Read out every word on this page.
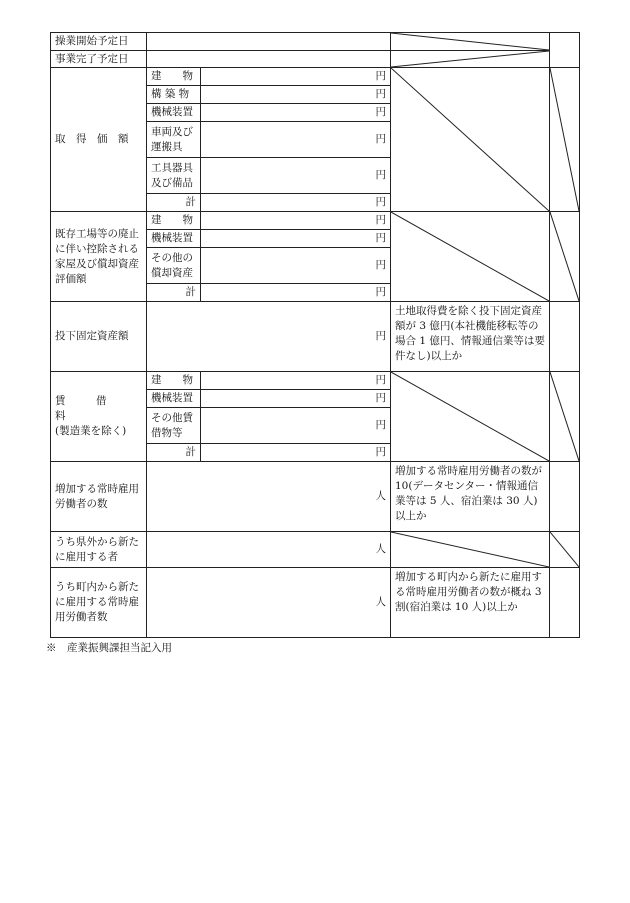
操業開始予定日		

事業完了予定日		

取　得　価　額	建　　物	円	

	構 築 物	円		
	機械装置	円		
	車両及び運搬具	円		
	工具器具及び備品	円		
	計	円		
既存工場等の廃止に伴い控除される家屋及び償却資産評価額	建　　物	円	

	機械装置	円		
	その他の償却資産	円		
	計	円		
投下固定資産額	円		土地取得費を除く投下固定資産額が 3 億円(本社機能移転等の場合 1 億円、情報通信業等は要件なし)以上か	

賃　　借　　料
(製造業を除く)	建　　物	円	

	機械装置	円		
	その他賃借物等	円		
	計	円		
増加する常時雇用労働者の数	人		増加する常時雇用労働者の数が 10(データセンター・情報通信業等は 5 人、宿泊業は 30 人)以上か	
うち県外から新たに雇用する者	人	

うち町内から新たに雇用する常時雇用労働者数	人		増加する町内から新たに雇用する常時雇用労働者の数が概ね 3 割(宿泊業は 10 人)以上か	
※　産業振興課担当記入用
